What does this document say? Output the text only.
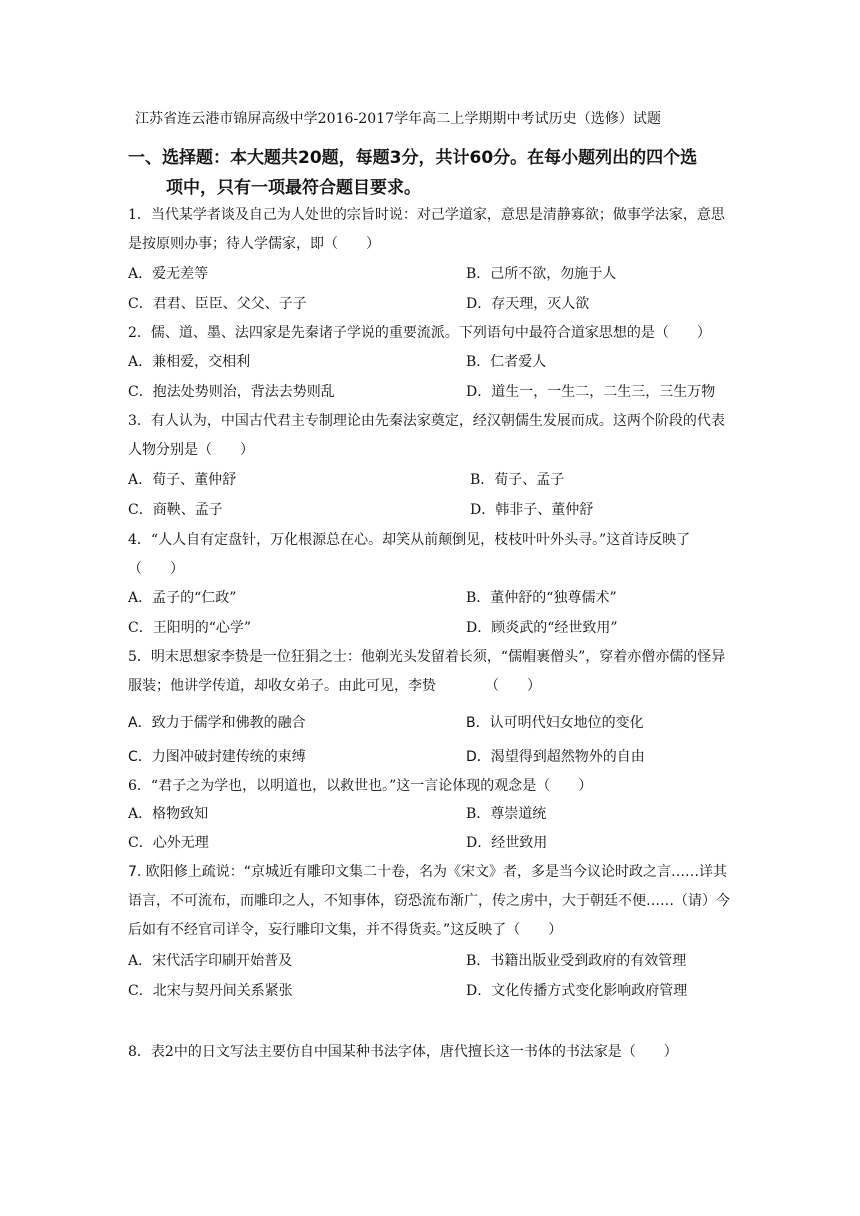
江苏省连云港市锦屏高级中学2016-2017学年高二上学期期中考试历史（选修）试题
一、选择题：本大题共20题，每题3分，共计60分。在每小题列出的四个选
项中，只有一项最符合题目要求。
1．当代某学者谈及自己为人处世的宗旨时说：对己学道家，意思是清静寡欲；做事学法家，意思是按原则办事；待人学儒家，即（　　）
A．爱无差等	B．己所不欲，勿施于人
C．君君、臣臣、父父、子子	D．存天理，灭人欲
2．儒、道、墨、法四家是先秦诸子学说的重要流派。下列语句中最符合道家思想的是（　　）
A．兼相爱，交相利	B．仁者爱人
C．抱法处势则治，背法去势则乱	D．道生一，一生二，二生三，三生万物
3．有人认为，中国古代君主专制理论由先秦法家奠定，经汉朝儒生发展而成。这两个阶段的代表人物分别是（　　）
A．荀子、董仲舒	B．荀子、孟子
C．商鞅、孟子	D．韩非子、董仲舒
4．“人人自有定盘针，万化根源总在心。却笑从前颠倒见，枝枝叶叶外头寻。”这首诗反映了（　　）
A．孟子的“仁政”	B．董仲舒的“独尊儒术”
C．王阳明的“心学”	D．顾炎武的“经世致用”
5．明末思想家李贽是一位狂狷之士：他剃光头发留着长须，“儒帽裹僧头”，穿着亦僧亦儒的怪异服装；他讲学传道，却收女弟子。由此可见，李贽　　　　（　　）
A．致力于儒学和佛教的融合	B．认可明代妇女地位的变化
C．力图冲破封建传统的束缚	D．渴望得到超然物外的自由
6．“君子之为学也，以明道也，以救世也。”这一言论体现的观念是（　　）
A．格物致知	B．尊崇道统
C．心外无理	D．经世致用
7. 欧阳修上疏说：“京城近有雕印文集二十卷，名为《宋文》者，多是当今议论时政之言……详其语言，不可流布，而雕印之人，不知事体，窃恐流布渐广，传之虏中，大于朝廷不便……（请）今后如有不经官司详令，妄行雕印文集，并不得货卖。”这反映了（　　）
A．宋代活字印刷开始普及	B．书籍出版业受到政府的有效管理
C．北宋与契丹间关系紧张	D．文化传播方式变化影响政府管理
8．表2中的日文写法主要仿自中国某种书法字体，唐代擅长这一书体的书法家是（　　）
